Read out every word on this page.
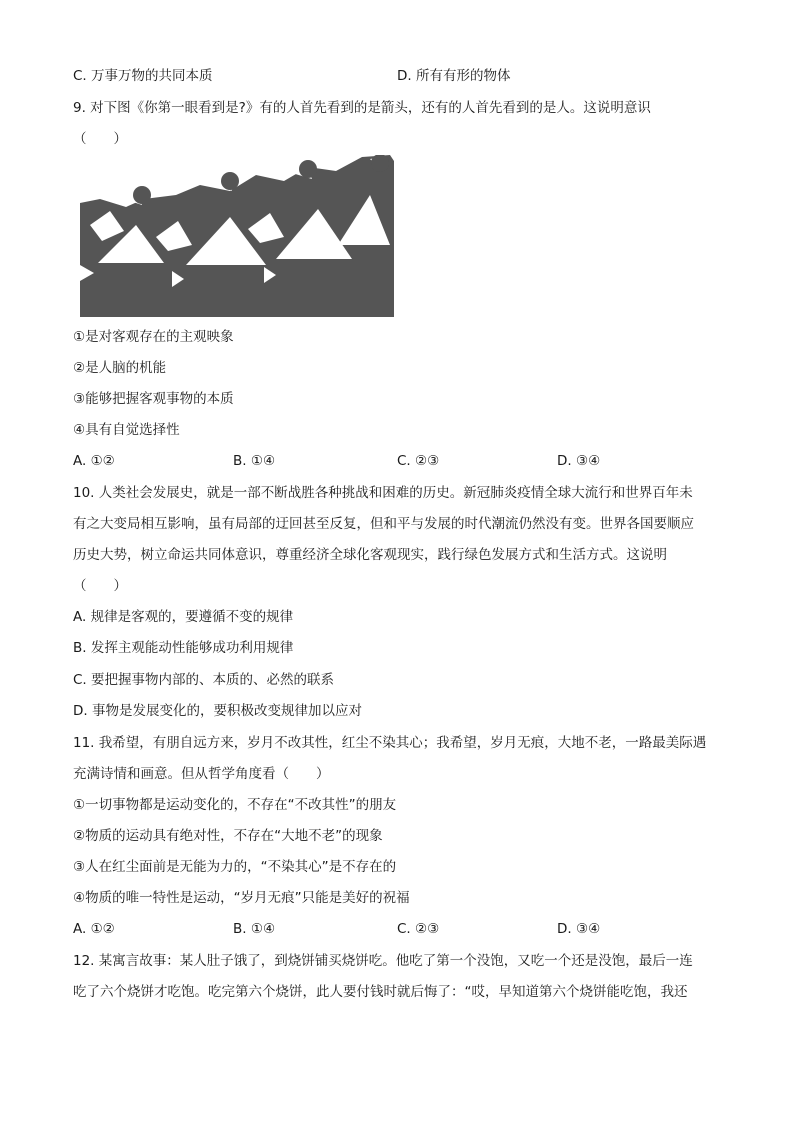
C. 万事万物的共同本质	D. 所有有形的物体
9. 对下图《你第一眼看到是?》有的人首先看到的是箭头，还有的人首先看到的是人。这说明意识
（　　）
①是对客观存在的主观映象
②是人脑的机能
③能够把握客观事物的本质
④具有自觉选择性
A. ①②	B. ①④	C. ②③	D. ③④
10. 人类社会发展史，就是一部不断战胜各种挑战和困难的历史。新冠肺炎疫情全球大流行和世界百年未
有之大变局相互影响，虽有局部的迂回甚至反复，但和平与发展的时代潮流仍然没有变。世界各国要顺应
历史大势，树立命运共同体意识，尊重经济全球化客观现实，践行绿色发展方式和生活方式。这说明
（　　）
A. 规律是客观的，要遵循不变的规律
B. 发挥主观能动性能够成功利用规律
C. 要把握事物内部的、本质的、必然的联系
D. 事物是发展变化的，要积极改变规律加以应对
11. 我希望，有朋自远方来，岁月不改其性，红尘不染其心；我希望，岁月无痕，大地不老，一路最美际遇
充满诗情和画意。但从哲学角度看（　　）
①一切事物都是运动变化的，不存在“不改其性”的朋友
②物质的运动具有绝对性，不存在“大地不老”的现象
③人在红尘面前是无能为力的，“不染其心”是不存在的
④物质的唯一特性是运动，“岁月无痕”只能是美好的祝福
A. ①②	B. ①④	C. ②③	D. ③④
12. 某寓言故事：某人肚子饿了，到烧饼铺买烧饼吃。他吃了第一个没饱，又吃一个还是没饱，最后一连
吃了六个烧饼才吃饱。吃完第六个烧饼，此人要付钱时就后悔了：“哎，早知道第六个烧饼能吃饱，我还
